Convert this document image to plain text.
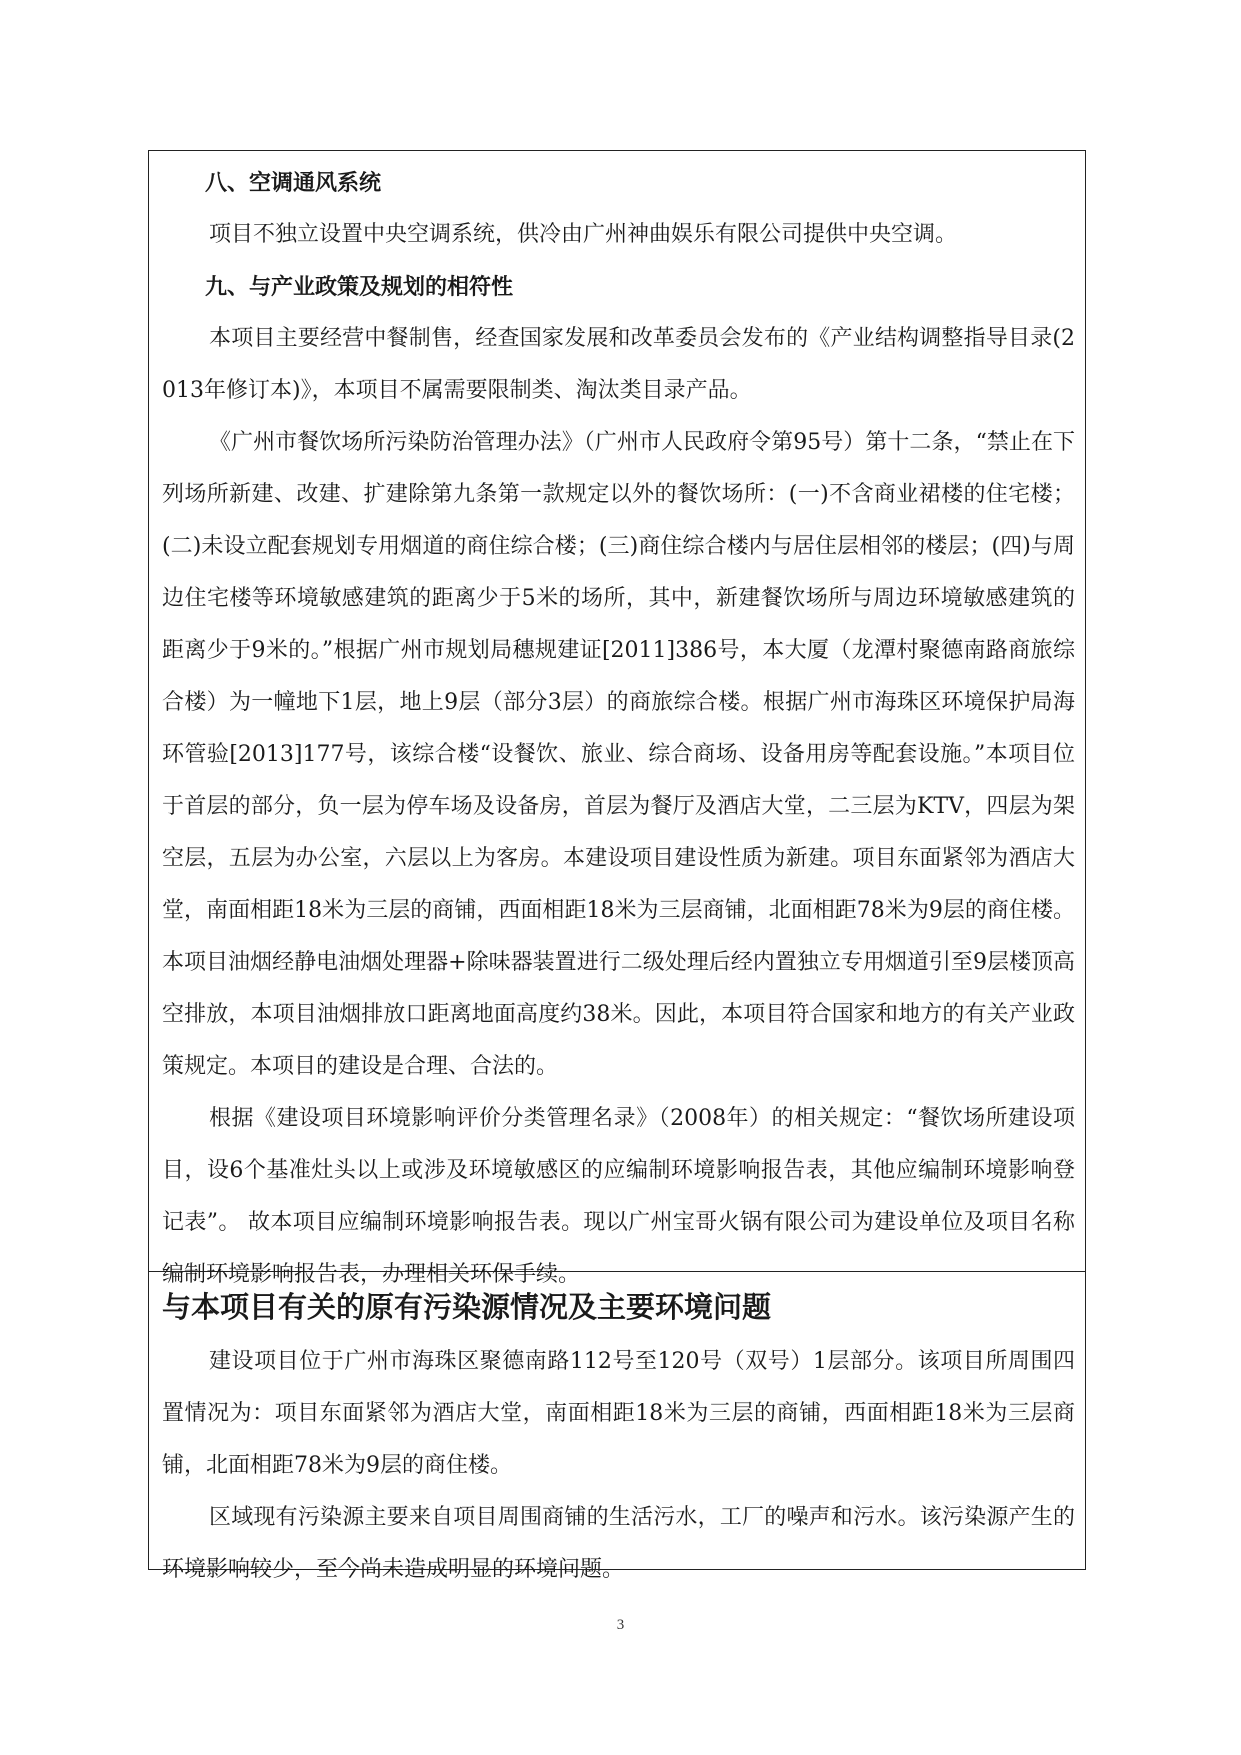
八、空调通风系统

项目不独立设置中央空调系统，供冷由广州神曲娱乐有限公司提供中央空调。

九、与产业政策及规划的相符性

本项目主要经营中餐制售，经查国家发展和改革委员会发布的《产业结构调整指导目录(2013年修订本)》，本项目不属需要限制类、淘汰类目录产品。

《广州市餐饮场所污染防治管理办法》（广州市人民政府令第95号）第十二条，“禁止在下列场所新建、改建、扩建除第九条第一款规定以外的餐饮场所：(一)不含商业裙楼的住宅楼；(二)未设立配套规划专用烟道的商住综合楼；(三)商住综合楼内与居住层相邻的楼层；(四)与周边住宅楼等环境敏感建筑的距离少于5米的场所，其中，新建餐饮场所与周边环境敏感建筑的距离少于9米的。”根据广州市规划局穗规建证[2011]386号，本大厦（龙潭村聚德南路商旅综合楼）为一幢地下1层，地上9层（部分3层）的商旅综合楼。根据广州市海珠区环境保护局海环管验[2013]177号，该综合楼“设餐饮、旅业、综合商场、设备用房等配套设施。”本项目位于首层的部分，负一层为停车场及设备房，首层为餐厅及酒店大堂，二三层为KTV，四层为架空层，五层为办公室，六层以上为客房。本建设项目建设性质为新建。项目东面紧邻为酒店大堂，南面相距18米为三层的商铺，西面相距18米为三层商铺，北面相距78米为9层的商住楼。本项目油烟经静电油烟处理器+除味器装置进行二级处理后经内置独立专用烟道引至9层楼顶高空排放，本项目油烟排放口距离地面高度约38米。因此，本项目符合国家和地方的有关产业政策规定。本项目的建设是合理、合法的。

根据《建设项目环境影响评价分类管理名录》（2008年）的相关规定：“餐饮场所建设项目，设6个基准灶头以上或涉及环境敏感区的应编制环境影响报告表，其他应编制环境影响登记表”。 故本项目应编制环境影响报告表。现以广州宝哥火锅有限公司为建设单位及项目名称编制环境影响报告表，办理相关环保手续。

与本项目有关的原有污染源情况及主要环境问题

建设项目位于广州市海珠区聚德南路112号至120号（双号）1层部分。该项目所周围四置情况为：项目东面紧邻为酒店大堂，南面相距18米为三层的商铺，西面相距18米为三层商铺，北面相距78米为9层的商住楼。

区域现有污染源主要来自项目周围商铺的生活污水，工厂的噪声和污水。该污染源产生的环境影响较少，至今尚未造成明显的环境问题。

3
